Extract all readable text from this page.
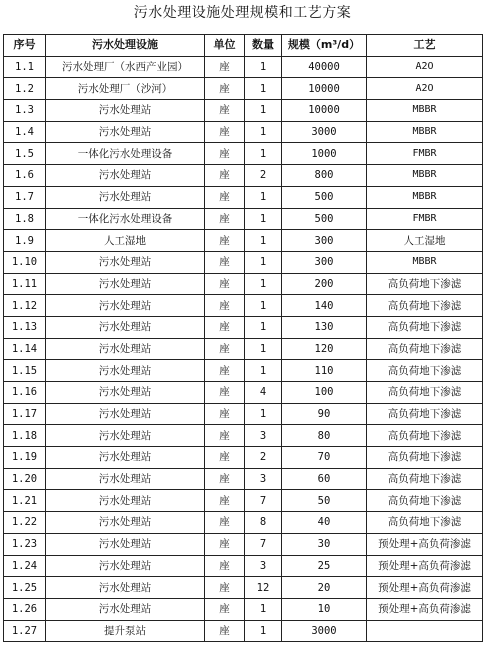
污水处理设施处理规模和工艺方案
序号	污水处理设施	单位	数量	规模（m³/d）	工艺
1.1	污水处理厂（水西产业园）	座	1	40000	A2O
1.2	污水处理厂（沙河）	座	1	10000	A2O
1.3	污水处理站	座	1	10000	MBBR
1.4	污水处理站	座	1	3000	MBBR
1.5	一体化污水处理设备	座	1	1000	FMBR
1.6	污水处理站	座	2	800	MBBR
1.7	污水处理站	座	1	500	MBBR
1.8	一体化污水处理设备	座	1	500	FMBR
1.9	人工湿地	座	1	300	人工湿地
1.10	污水处理站	座	1	300	MBBR
1.11	污水处理站	座	1	200	高负荷地下渗滤
1.12	污水处理站	座	1	140	高负荷地下渗滤
1.13	污水处理站	座	1	130	高负荷地下渗滤
1.14	污水处理站	座	1	120	高负荷地下渗滤
1.15	污水处理站	座	1	110	高负荷地下渗滤
1.16	污水处理站	座	4	100	高负荷地下渗滤
1.17	污水处理站	座	1	90	高负荷地下渗滤
1.18	污水处理站	座	3	80	高负荷地下渗滤
1.19	污水处理站	座	2	70	高负荷地下渗滤
1.20	污水处理站	座	3	60	高负荷地下渗滤
1.21	污水处理站	座	7	50	高负荷地下渗滤
1.22	污水处理站	座	8	40	高负荷地下渗滤
1.23	污水处理站	座	7	30	预处理+高负荷渗滤
1.24	污水处理站	座	3	25	预处理+高负荷渗滤
1.25	污水处理站	座	12	20	预处理+高负荷渗滤
1.26	污水处理站	座	1	10	预处理+高负荷渗滤
1.27	提升泵站	座	1	3000	
